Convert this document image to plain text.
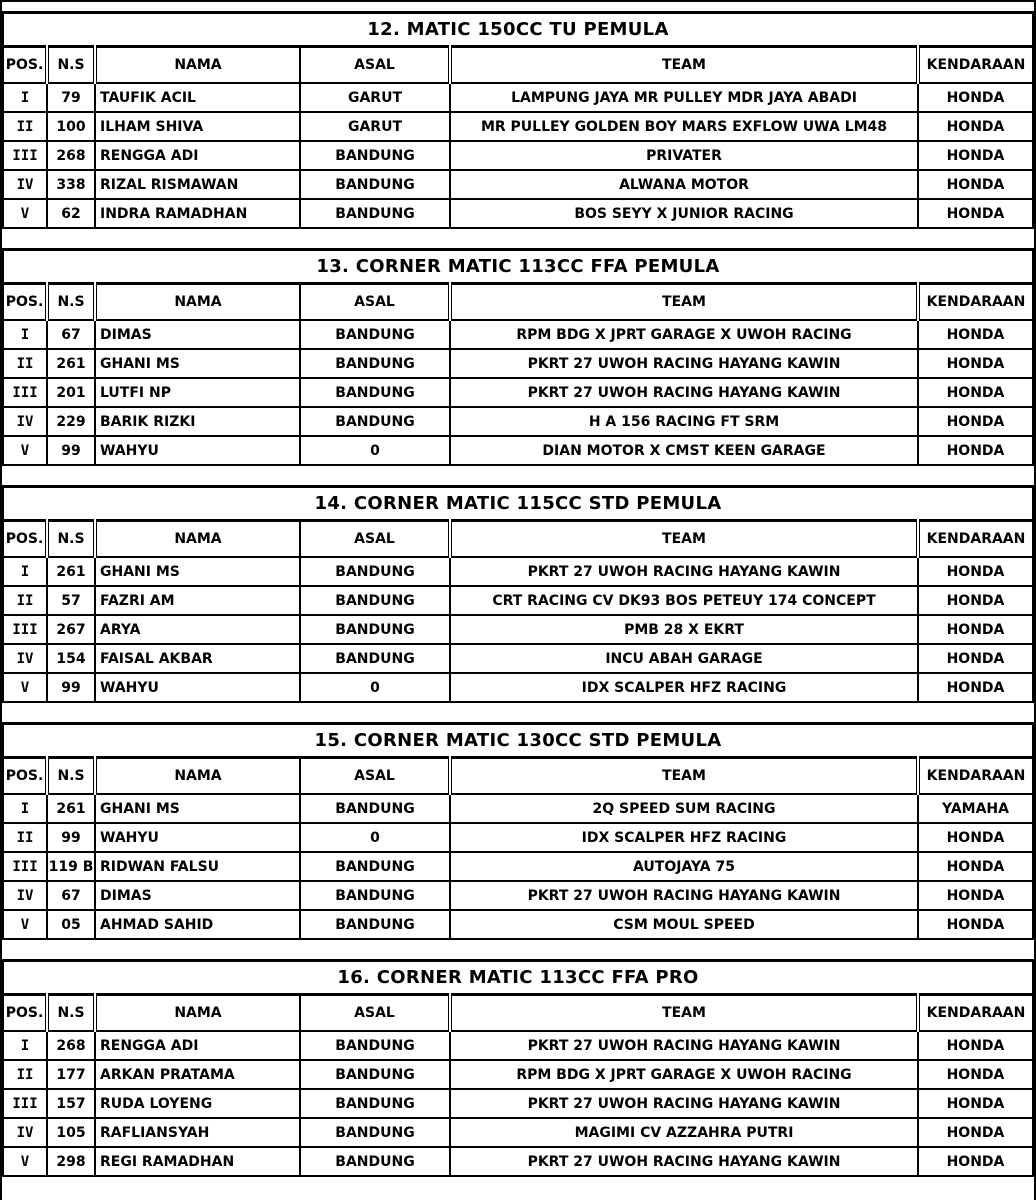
12. MATIC 150CC TU PEMULA					
POS.	N.S	NAMA	ASAL	TEAM	KENDARAAN
I	79	TAUFIK ACIL	GARUT	LAMPUNG JAYA MR PULLEY MDR JAYA ABADI	HONDA
II	100	ILHAM SHIVA	GARUT	MR PULLEY GOLDEN BOY MARS EXFLOW UWA LM48	HONDA
III	268	RENGGA ADI	BANDUNG	PRIVATER	HONDA
IV	338	RIZAL RISMAWAN	BANDUNG	ALWANA MOTOR	HONDA
V	62	INDRA RAMADHAN	BANDUNG	BOS SEYY X JUNIOR RACING	HONDA
13. CORNER MATIC 113CC FFA PEMULA					
POS.	N.S	NAMA	ASAL	TEAM	KENDARAAN
I	67	DIMAS	BANDUNG	RPM BDG X JPRT GARAGE X UWOH RACING	HONDA
II	261	GHANI MS	BANDUNG	PKRT 27 UWOH RACING HAYANG KAWIN	HONDA
III	201	LUTFI NP	BANDUNG	PKRT 27 UWOH RACING HAYANG KAWIN	HONDA
IV	229	BARIK RIZKI	BANDUNG	H A 156 RACING FT SRM	HONDA
V	99	WAHYU	0	DIAN MOTOR X CMST KEEN GARAGE	HONDA
14. CORNER MATIC 115CC STD PEMULA					
POS.	N.S	NAMA	ASAL	TEAM	KENDARAAN
I	261	GHANI MS	BANDUNG	PKRT 27 UWOH RACING HAYANG KAWIN	HONDA
II	57	FAZRI AM	BANDUNG	CRT RACING CV DK93 BOS PETEUY 174 CONCEPT	HONDA
III	267	ARYA	BANDUNG	PMB 28 X EKRT	HONDA
IV	154	FAISAL AKBAR	BANDUNG	INCU ABAH GARAGE	HONDA
V	99	WAHYU	0	IDX SCALPER HFZ RACING	HONDA
15. CORNER MATIC 130CC STD PEMULA					
POS.	N.S	NAMA	ASAL	TEAM	KENDARAAN
I	261	GHANI MS	BANDUNG	2Q SPEED SUM RACING	YAMAHA
II	99	WAHYU	0	IDX SCALPER HFZ RACING	HONDA
III	119 B	RIDWAN FALSU	BANDUNG	AUTOJAYA 75	HONDA
IV	67	DIMAS	BANDUNG	PKRT 27 UWOH RACING HAYANG KAWIN	HONDA
V	05	AHMAD SAHID	BANDUNG	CSM MOUL SPEED	HONDA
16. CORNER MATIC 113CC FFA PRO					
POS.	N.S	NAMA	ASAL	TEAM	KENDARAAN
I	268	RENGGA ADI	BANDUNG	PKRT 27 UWOH RACING HAYANG KAWIN	HONDA
II	177	ARKAN PRATAMA	BANDUNG	RPM BDG X JPRT GARAGE X UWOH RACING	HONDA
III	157	RUDA LOYENG	BANDUNG	PKRT 27 UWOH RACING HAYANG KAWIN	HONDA
IV	105	RAFLIANSYAH	BANDUNG	MAGIMI CV AZZAHRA PUTRI	HONDA
V	298	REGI RAMADHAN	BANDUNG	PKRT 27 UWOH RACING HAYANG KAWIN	HONDA
